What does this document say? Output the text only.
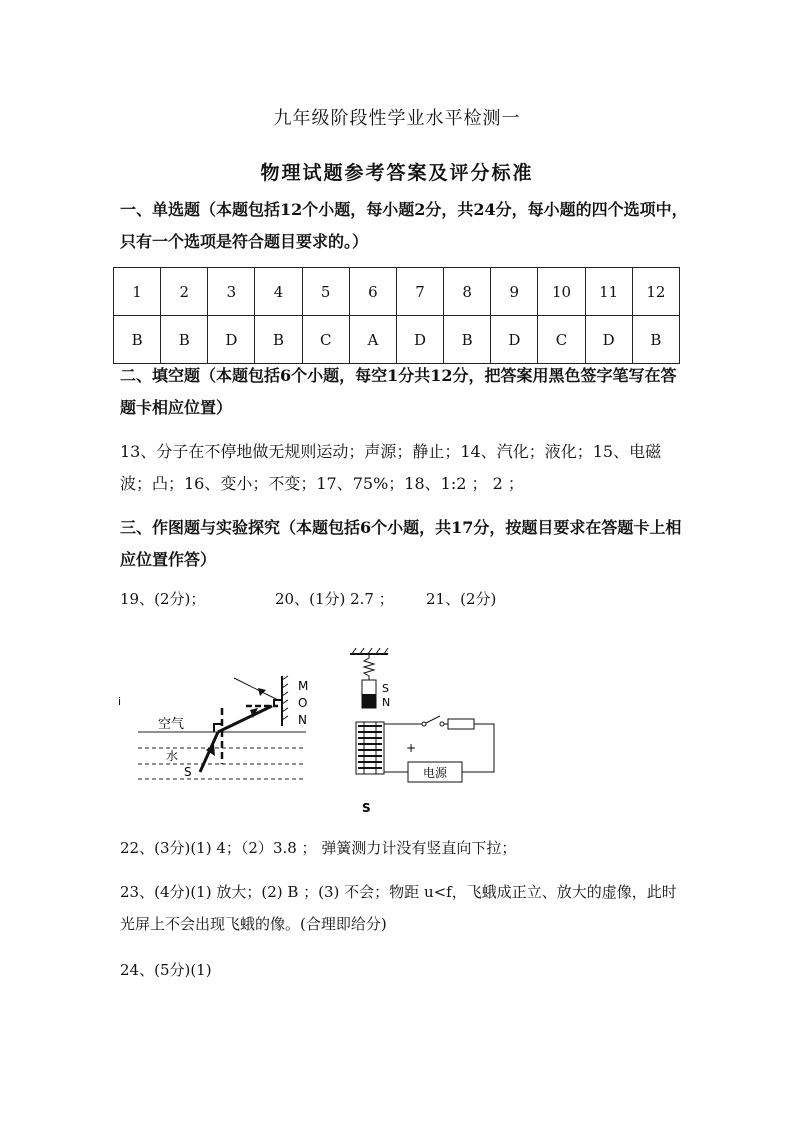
九年级阶段性学业水平检测一
物理试题参考答案及评分标准
一、单选题（本题包括12个小题，每小题2分，共24分，每小题的四个选项中，只有一个选项是符合题目要求的。）
1	2	3	4	5	6	7	8	9	10	11	12
B	B	D	B	C	A	D	B	D	C	D	B
二、填空题（本题包括6个小题，每空1分共12分，把答案用黑色签字笔写在答题卡相应位置）
13、分子在不停地做无规则运动；声源；静止；14、汽化；液化；15、电磁波；凸；16、变小；不变；17、75%；18、1:2 ； 2 ；
三、作图题与实验探究（本题包括6个小题，共17分，按题目要求在答题卡上相应位置作答）
19、(2分)；	20、(1分) 2.7 ； 21、(2分)
i
空气
水
S
M
O
N
S
N
电源
+
S
22、(3分)(1) 4；（2）3.8 ； 弹簧测力计没有竖直向下拉；
23、(4分)(1) 放大；(2) B ；(3) 不会；物距 u<f，飞蛾成正立、放大的虚像，此时光屏上不会出现飞蛾的像。(合理即给分)
24、(5分)(1)
